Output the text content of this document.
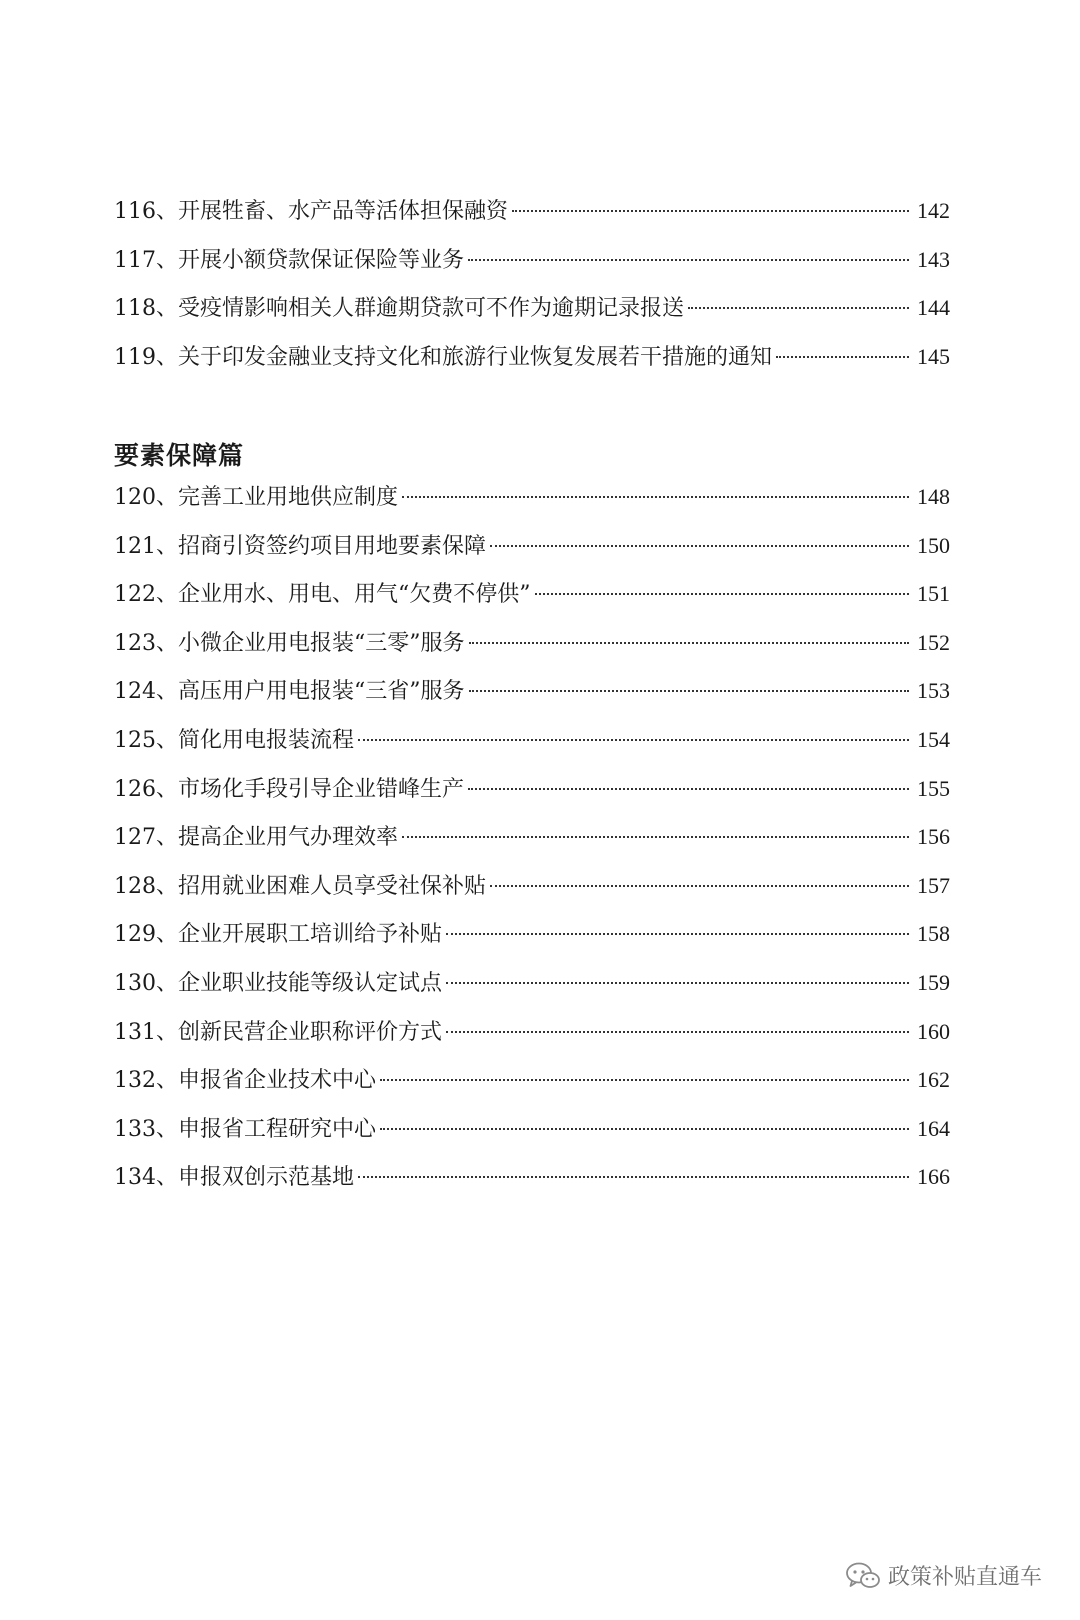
116、开展牲畜、水产品等活体担保融资	142
117、开展小额贷款保证保险等业务	143
118、受疫情影响相关人群逾期贷款可不作为逾期记录报送	144
119、关于印发金融业支持文化和旅游行业恢复发展若干措施的通知	145
要素保障篇
120、完善工业用地供应制度	148
121、招商引资签约项目用地要素保障	150
122、企业用水、用电、用气“欠费不停供”	151
123、小微企业用电报装“三零”服务	152
124、高压用户用电报装“三省”服务	153
125、简化用电报装流程	154
126、市场化手段引导企业错峰生产	155
127、提高企业用气办理效率	156
128、招用就业困难人员享受社保补贴	157
129、企业开展职工培训给予补贴	158
130、企业职业技能等级认定试点	159
131、创新民营企业职称评价方式	160
132、申报省企业技术中心	162
133、申报省工程研究中心	164
134、申报双创示范基地	166
政策补贴直通车
